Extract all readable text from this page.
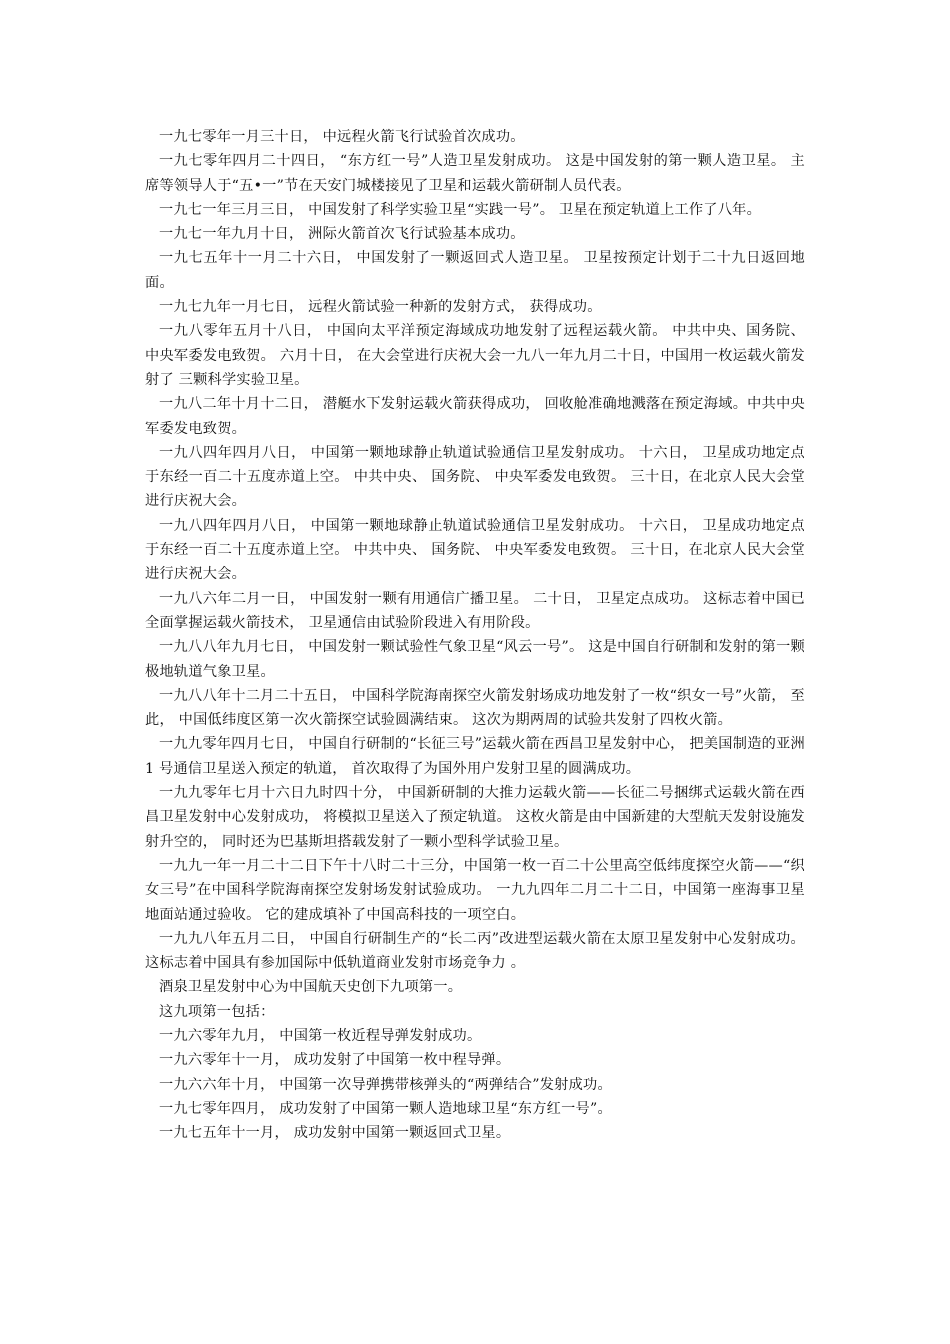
一九七零年一月三十日， 中远程火箭飞行试验首次成功。

一九七零年四月二十四日， “东方红一号”人造卫星发射成功。 这是中国发射的第一颗人造卫星。 主席等领导人于“五•一”节在天安门城楼接见了卫星和运载火箭研制人员代表。

一九七一年三月三日， 中国发射了科学实验卫星“实践一号”。 卫星在预定轨道上工作了八年。

一九七一年九月十日， 洲际火箭首次飞行试验基本成功。

一九七五年十一月二十六日， 中国发射了一颗返回式人造卫星。 卫星按预定计划于二十九日返回地面。

一九七九年一月七日， 远程火箭试验一种新的发射方式， 获得成功。

一九八零年五月十八日， 中国向太平洋预定海域成功地发射了远程运载火箭。 中共中央、国务院、 中央军委发电致贺。 六月十日， 在大会堂进行庆祝大会一九八一年九月二十日，中国用一枚运载火箭发射了 三颗科学实验卫星。

一九八二年十月十二日， 潜艇水下发射运载火箭获得成功， 回收舱准确地溅落在预定海域。中共中央军委发电致贺。

一九八四年四月八日， 中国第一颗地球静止轨道试验通信卫星发射成功。 十六日， 卫星成功地定点于东经一百二十五度赤道上空。 中共中央、 国务院、 中央军委发电致贺。 三十日，在北京人民大会堂进行庆祝大会。

一九八四年四月八日， 中国第一颗地球静止轨道试验通信卫星发射成功。 十六日， 卫星成功地定点于东经一百二十五度赤道上空。 中共中央、 国务院、 中央军委发电致贺。 三十日，在北京人民大会堂进行庆祝大会。

一九八六年二月一日， 中国发射一颗有用通信广播卫星。 二十日， 卫星定点成功。 这标志着中国已全面掌握运载火箭技术， 卫星通信由试验阶段进入有用阶段。

一九八八年九月七日， 中国发射一颗试验性气象卫星“风云一号”。 这是中国自行研制和发射的第一颗极地轨道气象卫星。

一九八八年十二月二十五日， 中国科学院海南探空火箭发射场成功地发射了一枚“织女一号”火箭， 至此， 中国低纬度区第一次火箭探空试验圆满结束。 这次为期两周的试验共发射了四枚火箭。

一九九零年四月七日， 中国自行研制的“长征三号”运载火箭在西昌卫星发射中心， 把美国制造的亚洲 1 号通信卫星送入预定的轨道， 首次取得了为国外用户发射卫星的圆满成功。

一九九零年七月十六日九时四十分， 中国新研制的大推力运载火箭——长征二号捆绑式运载火箭在西昌卫星发射中心发射成功， 将模拟卫星送入了预定轨道。 这枚火箭是由中国新建的大型航天发射设施发射升空的， 同时还为巴基斯坦搭载发射了一颗小型科学试验卫星。

一九九一年一月二十二日下午十八时二十三分，中国第一枚一百二十公里高空低纬度探空火箭——“织女三号”在中国科学院海南探空发射场发射试验成功。 一九九四年二月二十二日，中国第一座海事卫星地面站通过验收。 它的建成填补了中国高科技的一项空白。

一九九八年五月二日， 中国自行研制生产的“长二丙”改进型运载火箭在太原卫星发射中心发射成功。 这标志着中国具有参加国际中低轨道商业发射市场竞争力 。

酒泉卫星发射中心为中国航天史创下九项第一。

这九项第一包括：

一九六零年九月， 中国第一枚近程导弹发射成功。

一九六零年十一月， 成功发射了中国第一枚中程导弹。

一九六六年十月， 中国第一次导弹携带核弹头的“两弹结合”发射成功。

一九七零年四月， 成功发射了中国第一颗人造地球卫星“东方红一号”。

一九七五年十一月， 成功发射中国第一颗返回式卫星。
